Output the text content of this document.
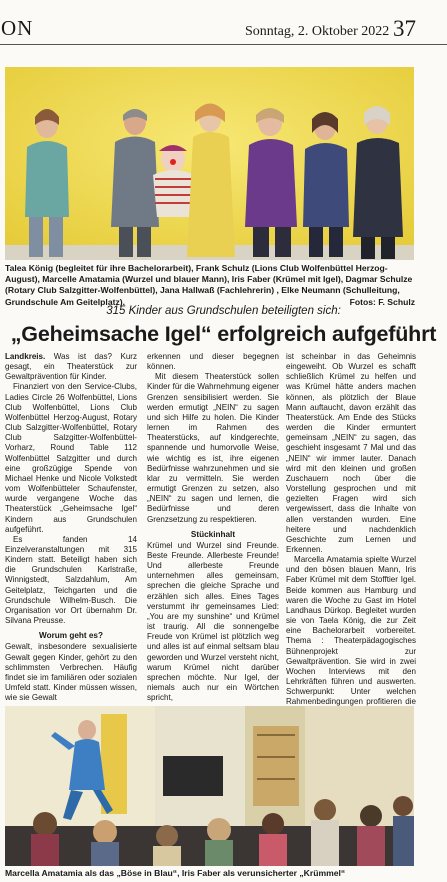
ON	Sonntag, 2. Oktober 2022 37
Talea König (begleitet für ihre Bachelorarbeit), Frank Schulz (Lions Club Wolfenbüttel Herzog-August), Marcelle Amatamia (Wurzel und blauer Mann), Iris Faber (Krümel mit Igel), Dagmar Schulze (Rotary Club Salzgitter-Wolfenbüttel), Jana Hallwaß (Fachlehrerin) , Elke Neumann (Schulleitung, Grundschule Am Geitelplatz).	Fotos: F. Schulz
315 Kinder aus Grundschulen beteiligten sich:
„Geheimsache Igel“ erfolgreich aufgeführt

Landkreis. Was ist das? Kurz gesagt, ein Theaterstück zur Gewaltprävention für Kinder.

Finanziert von den Service-Clubs, Ladies Circle 26 Wolfenbüttel, Lions Club Wolfenbüttel, Lions Club Wolfenbüttel Herzog-August, Rotary Club Salzgitter-Wolfenbüttel, Rotary Club Salzgitter-Wolfenbüttel-Vorharz, Round Table 112 Wolfenbüttel Salzgitter und durch eine großzügige Spende von Michael Henke und Nicole Volkstedt vom Wolfenbütteler Schaufenster, wurde vergangene Woche das Theaterstück „Geheimsache Igel“ Kindern aus Grundschulen aufgeführt.

Es fanden 14 Einzelveranstaltungen mit 315 Kindern statt. Beteiligt haben sich die Grundschulen Karlstraße, Winnigstedt, Salzdahlum, Am Geitelplatz, Teichgarten und die Grundschule Wilhelm-Busch. Die Organisation vor Ort übernahm Dr. Silvana Preusse.

Worum geht es?

Gewalt, insbesondere sexualisierte Gewalt gegen Kinder, gehört zu den schlimmsten Verbrechen. Häufig findet sie im familiären oder sozialen Umfeld statt. Kinder müssen wissen, wie sie Gewalt

erkennen und dieser begegnen können.

Mit diesem Theaterstück sollen Kinder für die Wahrnehmung eigener Grenzen sensibilisiert werden. Sie werden ermutigt „NEIN“ zu sagen und sich Hilfe zu holen. Die Kinder lernen im Rahmen des Theaterstücks, auf kindgerechte, spannende und humorvolle Weise, wie wichtig es ist, ihre eigenen Bedürfnisse wahrzunehmen und sie klar zu vermitteln. Sie werden ermutigt Grenzen zu setzen, also „NEIN“ zu sagen und lernen, die Bedürfnisse und deren Grenzsetzung zu respektieren.

Stückinhalt

Krümel und Wurzel sind Freunde. Beste Freunde. Allerbeste Freunde! Und allerbeste Freunde unternehmen alles gemeinsam, sprechen die gleiche Sprache und erzählen sich alles. Eines Tages verstummt ihr gemeinsames Lied: „You are my sunshine“ und Krümel ist traurig. All die sonnengelbe Freude von Krümel ist plötzlich weg und alles ist auf einmal seltsam blau geworden und Wurzel versteht nicht, warum Krümel nicht darüber sprechen möchte. Nur Igel, der niemals auch nur ein Wörtchen spricht,

ist scheinbar in das Geheimnis eingeweiht. Ob Wurzel es schafft schließlich Krümel zu helfen und was Krümel hätte anders machen können, als plötzlich der Blaue Mann auftaucht, davon erzählt das Theaterstück. Am Ende des Stücks werden die Kinder ermuntert gemeinsam „NEIN“ zu sagen, das geschieht insgesamt 7 Mal und das „NEIN“ wir immer lauter. Danach wird mit den kleinen und großen Zuschauern noch über die Vorstellung gesprochen und mit gezielten Fragen wird sich vergewissert, dass die Inhalte von allen verstanden wurden. Eine heitere und nachdenklich Geschichte zum Lernen und Erkennen.

Marcella Amatamia spielte Wurzel und den bösen blauen Mann, Iris Faber Krümel mit dem Stofftier Igel. Beide kommen aus Hamburg und waren die Woche zu Gast im Hotel Landhaus Dürkop. Begleitet wurden sie von Taela König, die zur Zeit eine Bachelorarbeit vorbereitet. Thema : Theaterpädagogisches Bühnenprojekt zur Gewaltprävention. Sie wird in zwei Wochen Interviews mit den Lehrkräften führen und auswerten. Schwerpunkt: Unter welchen Rahmenbedingungen profitieren die

Marcella Amatamia als das „Böse in Blau“, Iris Faber als verunsicherter „Krümmel“
